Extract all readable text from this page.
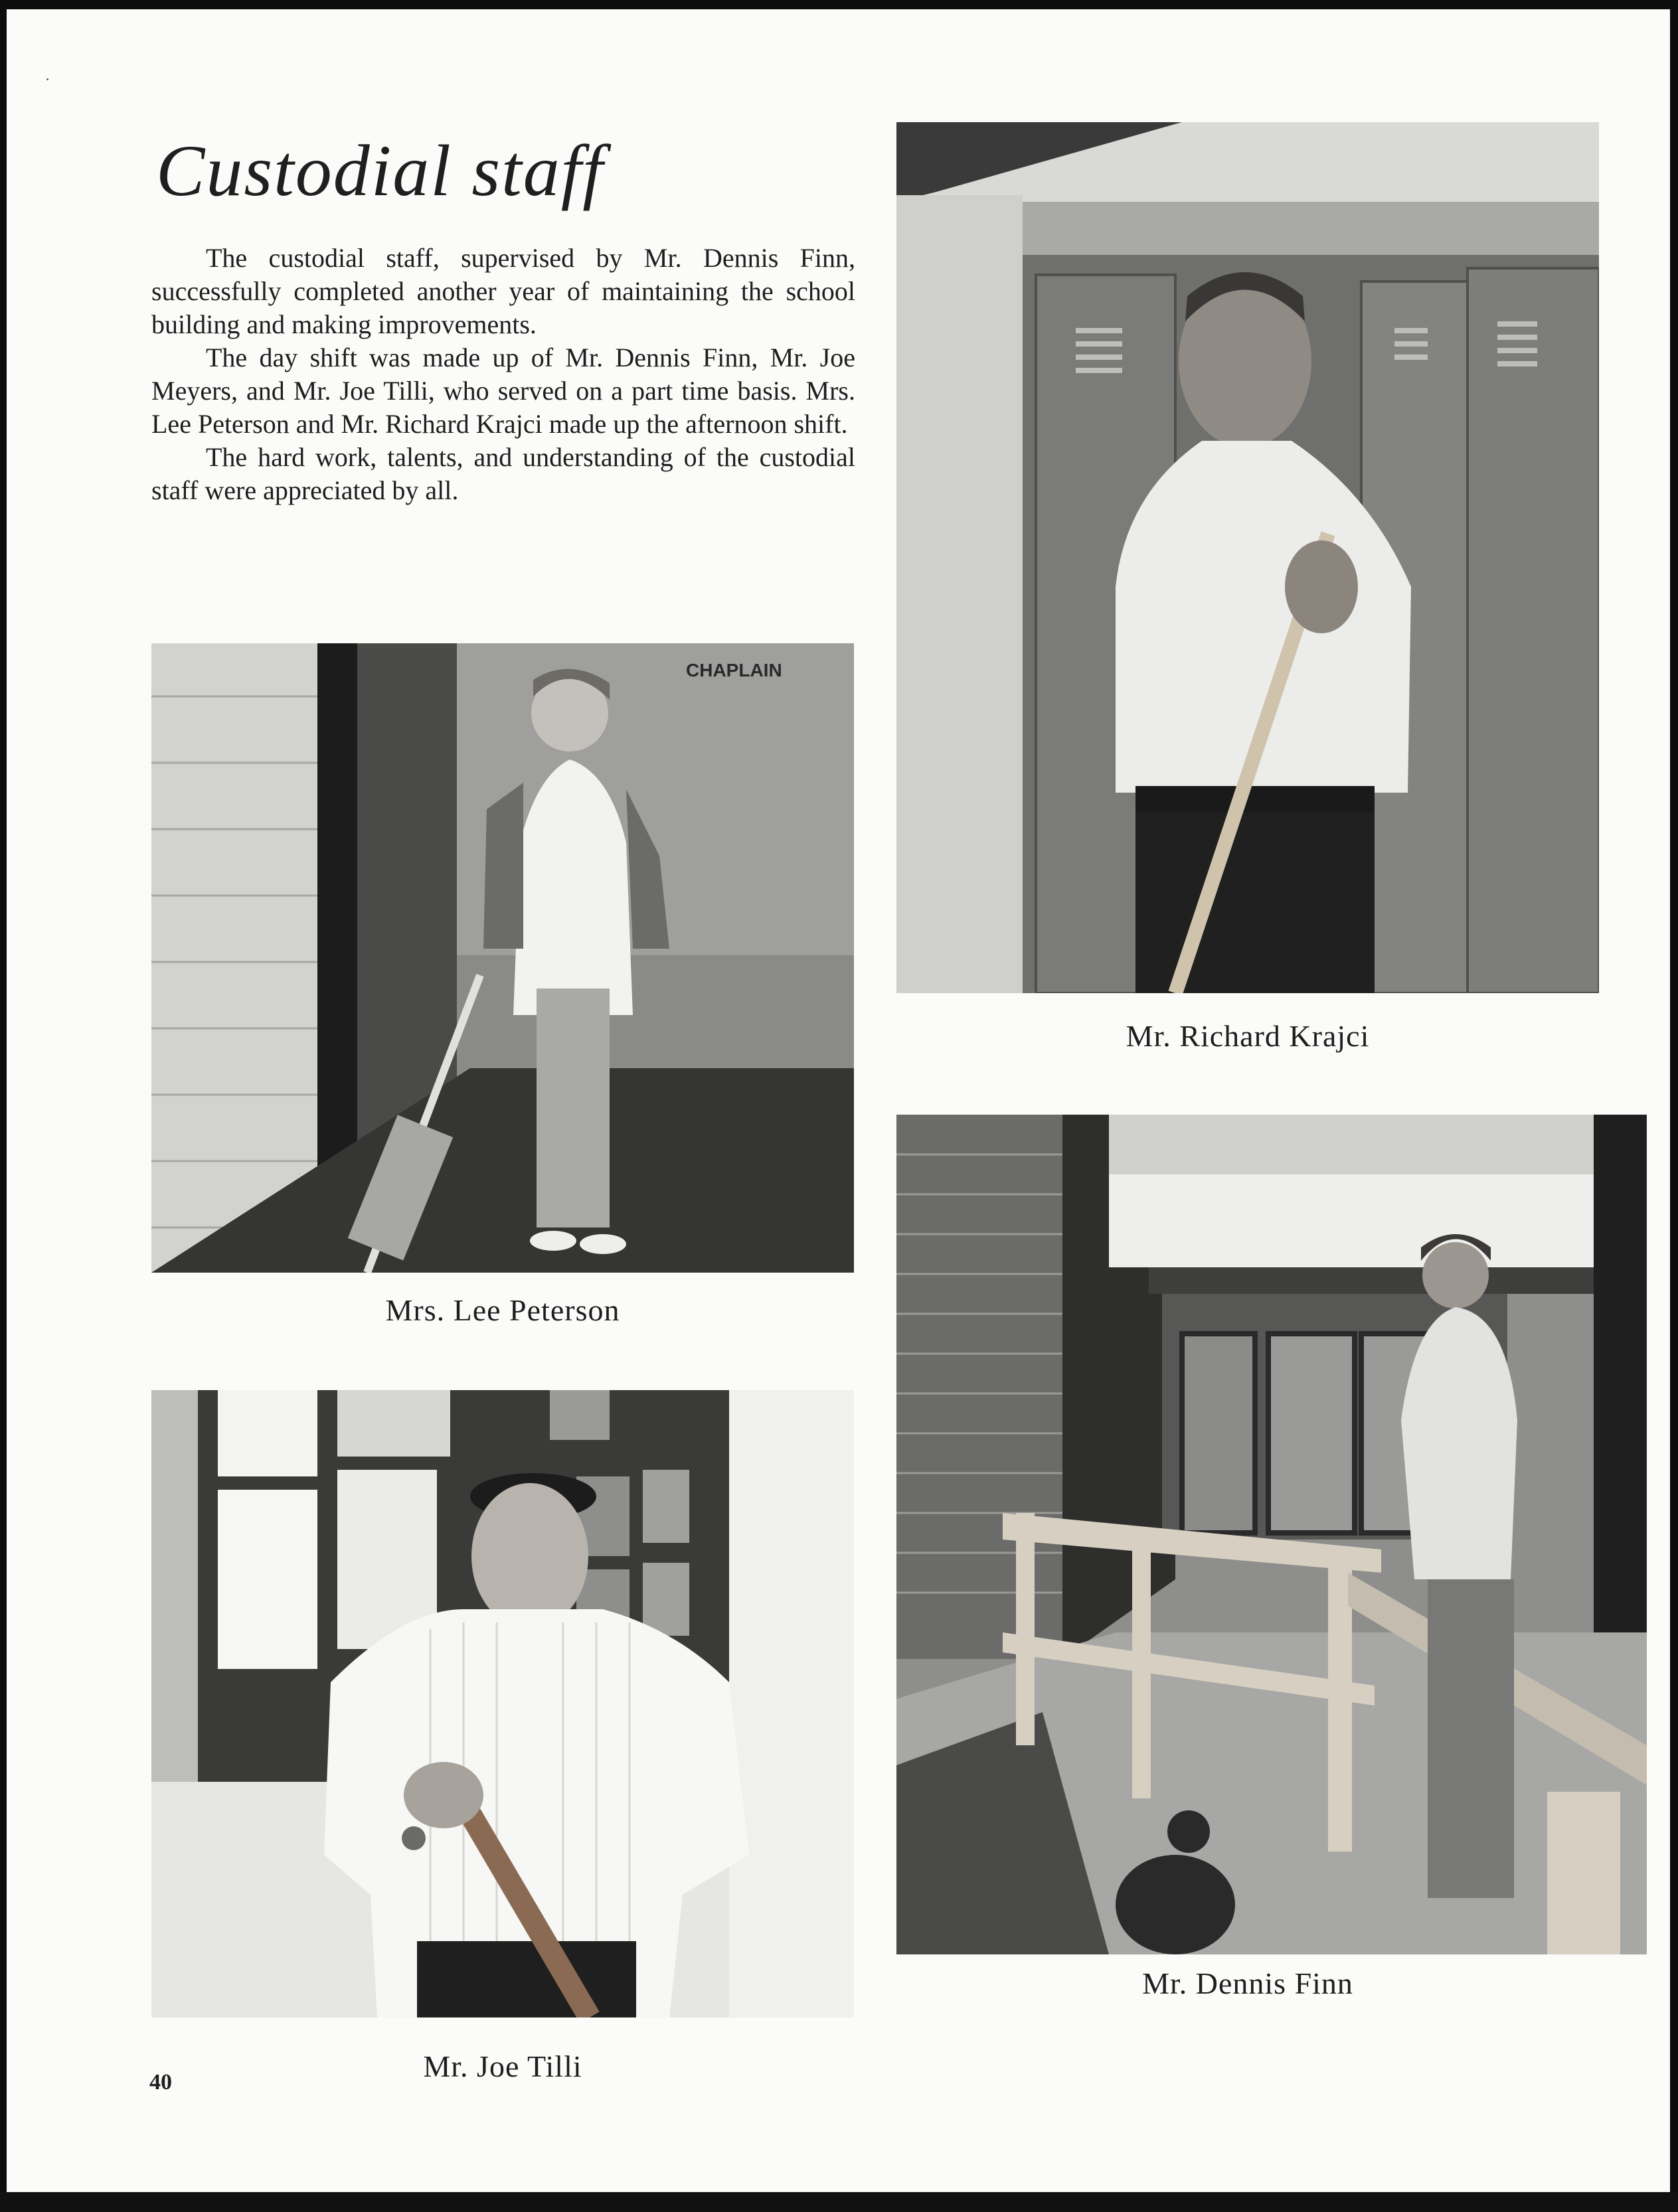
Custodial staff

The custodial staff, supervised by Mr. Dennis Finn, successfully completed another year of maintaining the school building and making improvements.

The day shift was made up of Mr. Dennis Finn, Mr. Joe Meyers, and Mr. Joe Tilli, who served on a part time basis. Mrs. Lee Peterson and Mr. Richard Krajci made up the afternoon shift.

The hard work, talents, and understanding of the custodial staff were appreciated by all.

Mr. Richard Krajci
CHAPLAIN
Mrs. Lee Peterson
Mr. Dennis Finn
Mr. Joe Tilli
40
